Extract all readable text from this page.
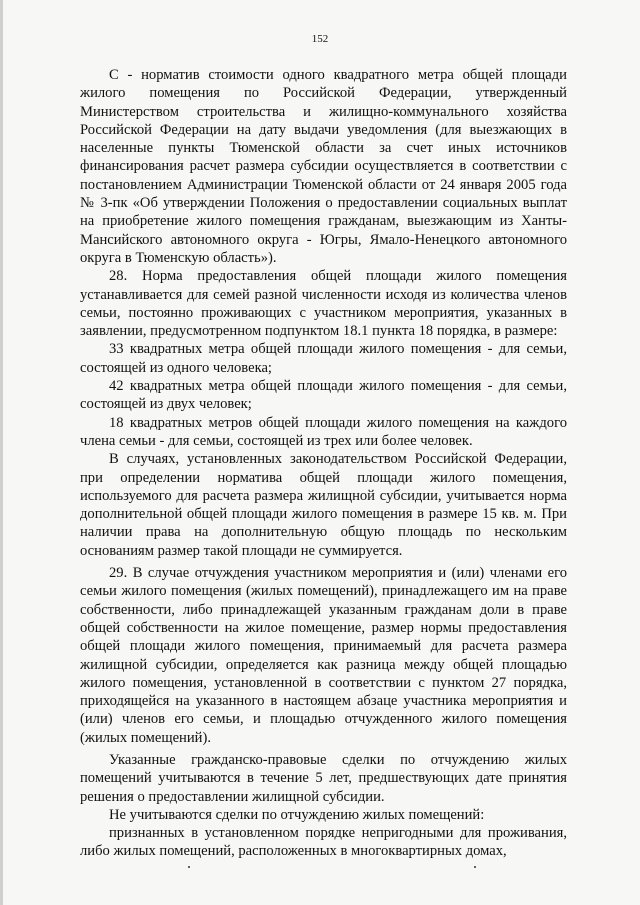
152

С - норматив стоимости одного квадратного метра общей площади жилого помещения по Российской Федерации, утвержденный Министерством строительства и жилищно-коммунального хозяйства Российской Федерации на дату выдачи уведомления (для выезжающих в населенные пункты Тюменской области за счет иных источников финансирования расчет размера субсидии осуществляется в соответствии с постановлением Администрации Тюменской области от 24 января 2005 года № 3-пк «Об утверждении Положения о предоставлении социальных выплат на приобретение жилого помещения гражданам, выезжающим из Ханты-Мансийского автономного округа - Югры, Ямало-Ненецкого автономного округа в Тюменскую область»).

28. Норма предоставления общей площади жилого помещения устанавливается для семей разной численности исходя из количества членов семьи, постоянно проживающих с участником мероприятия, указанных в заявлении, предусмотренном подпунктом 18.1 пункта 18 порядка, в размере:

33 квадратных метра общей площади жилого помещения - для семьи, состоящей из одного человека;

42 квадратных метра общей площади жилого помещения - для семьи, состоящей из двух человек;

18 квадратных метров общей площади жилого помещения на каждого члена семьи - для семьи, состоящей из трех или более человек.

В случаях, установленных законодательством Российской Федерации, при определении норматива общей площади жилого помещения, используемого для расчета размера жилищной субсидии, учитывается норма дополнительной общей площади жилого помещения в размере 15 кв. м. При наличии права на дополнительную общую площадь по нескольким основаниям размер такой площади не суммируется.

29. В случае отчуждения участником мероприятия и (или) членами его семьи жилого помещения (жилых помещений), принадлежащего им на праве собственности, либо принадлежащей указанным гражданам доли в праве общей собственности на жилое помещение, размер нормы предоставления общей площади жилого помещения, принимаемый для расчета размера жилищной субсидии, определяется как разница между общей площадью жилого помещения, установленной в соответствии с пунктом 27 порядка, приходящейся на указанного в настоящем абзаце участника мероприятия и (или) членов его семьи, и площадью отчужденного жилого помещения (жилых помещений).

Указанные гражданско-правовые сделки по отчуждению жилых помещений учитываются в течение 5 лет, предшествующих дате принятия решения о предоставлении жилищной субсидии.

Не учитываются сделки по отчуждению жилых помещений:

признанных в установленном порядке непригодными для проживания, либо жилых помещений, расположенных в многоквартирных домах,
